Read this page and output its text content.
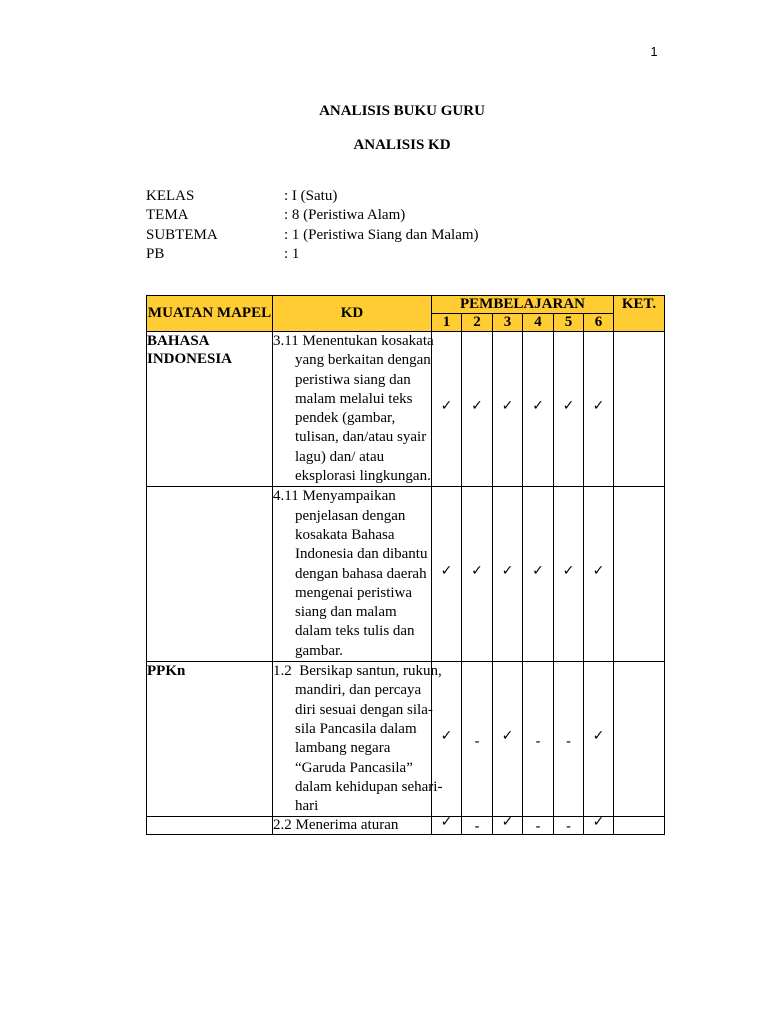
1
ANALISIS BUKU GURU
ANALISIS KD
KELAS	: I (Satu)
TEMA	: 8 (Peristiwa Alam)
SUBTEMA	: 1 (Peristiwa Siang dan Malam)
PB	: 1
MUATAN MAPEL	KD	PEMBELAJARAN						KET.
		1	2	3	4	5	6	
BAHASA INDONESIA	3.11 Menentukan kosakata yang berkaitan dengan peristiwa siang dan malam melalui teks pendek (gambar, tulisan, dan/atau syair lagu) dan/ atau eksplorasi lingkungan.	✓	✓	✓	✓	✓	✓	

	4.11 Menyampaikan penjelasan dengan kosakata Bahasa Indonesia dan dibantu dengan bahasa daerah mengenai peristiwa siang dan malam dalam teks tulis dan gambar.	✓	✓	✓	✓	✓	✓	
PPKn	1.2  Bersikap santun, rukun, mandiri, dan percaya diri sesuai dengan sila-sila Pancasila dalam lambang negara “Garuda Pancasila” dalam kehidupan sehari-hari	✓	-	✓	-	-	✓	

	2.2 Menerima aturan	✓	-	✓	-	-	✓	
